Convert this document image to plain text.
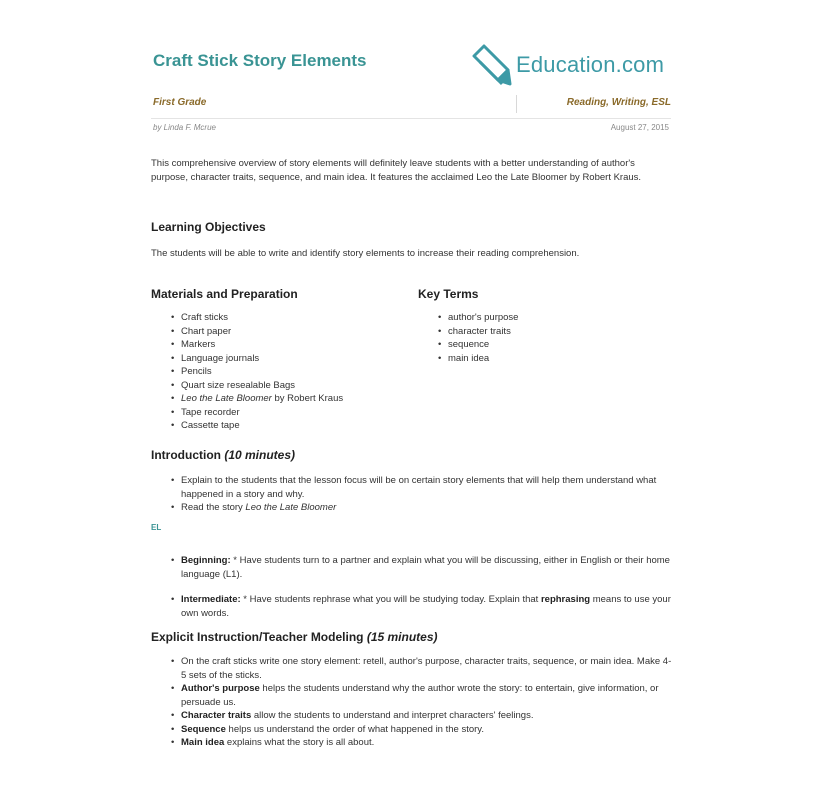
Craft Stick Story Elements	Education.com
First Grade	Reading, Writing, ESL
by Linda F. Mcrue	August 27, 2015
This comprehensive overview of story elements will definitely leave students with a better understanding of author's purpose, character traits, sequence, and main idea. It features the acclaimed Leo the Late Bloomer by Robert Kraus.
Learning Objectives
The students will be able to write and identify story elements to increase their reading comprehension.
Materials and Preparation
• Craft sticks
• Chart paper
• Markers
• Language journals
• Pencils
• Quart size resealable Bags
• Leo the Late Bloomer by Robert Kraus
• Tape recorder
• Cassette tape
Key Terms
• author's purpose
• character traits
• sequence
• main idea
Introduction (10 minutes)
• Explain to the students that the lesson focus will be on certain story elements that will help them understand what happened in a story and why.
• Read the story Leo the Late Bloomer
EL
• Beginning: * Have students turn to a partner and explain what you will be discussing, either in English or their home language (L1).
• Intermediate: * Have students rephrase what you will be studying today. Explain that rephrasing means to use your own words.
Explicit Instruction/Teacher Modeling (15 minutes)
• On the craft sticks write one story element: retell, author's purpose, character traits, sequence, or main idea. Make 4-5 sets of the sticks.
• Author's purpose helps the students understand why the author wrote the story: to entertain, give information, or persuade us.
• Character traits allow the students to understand and interpret characters' feelings.
• Sequence helps us understand the order of what happened in the story.
• Main idea explains what the story is all about.
